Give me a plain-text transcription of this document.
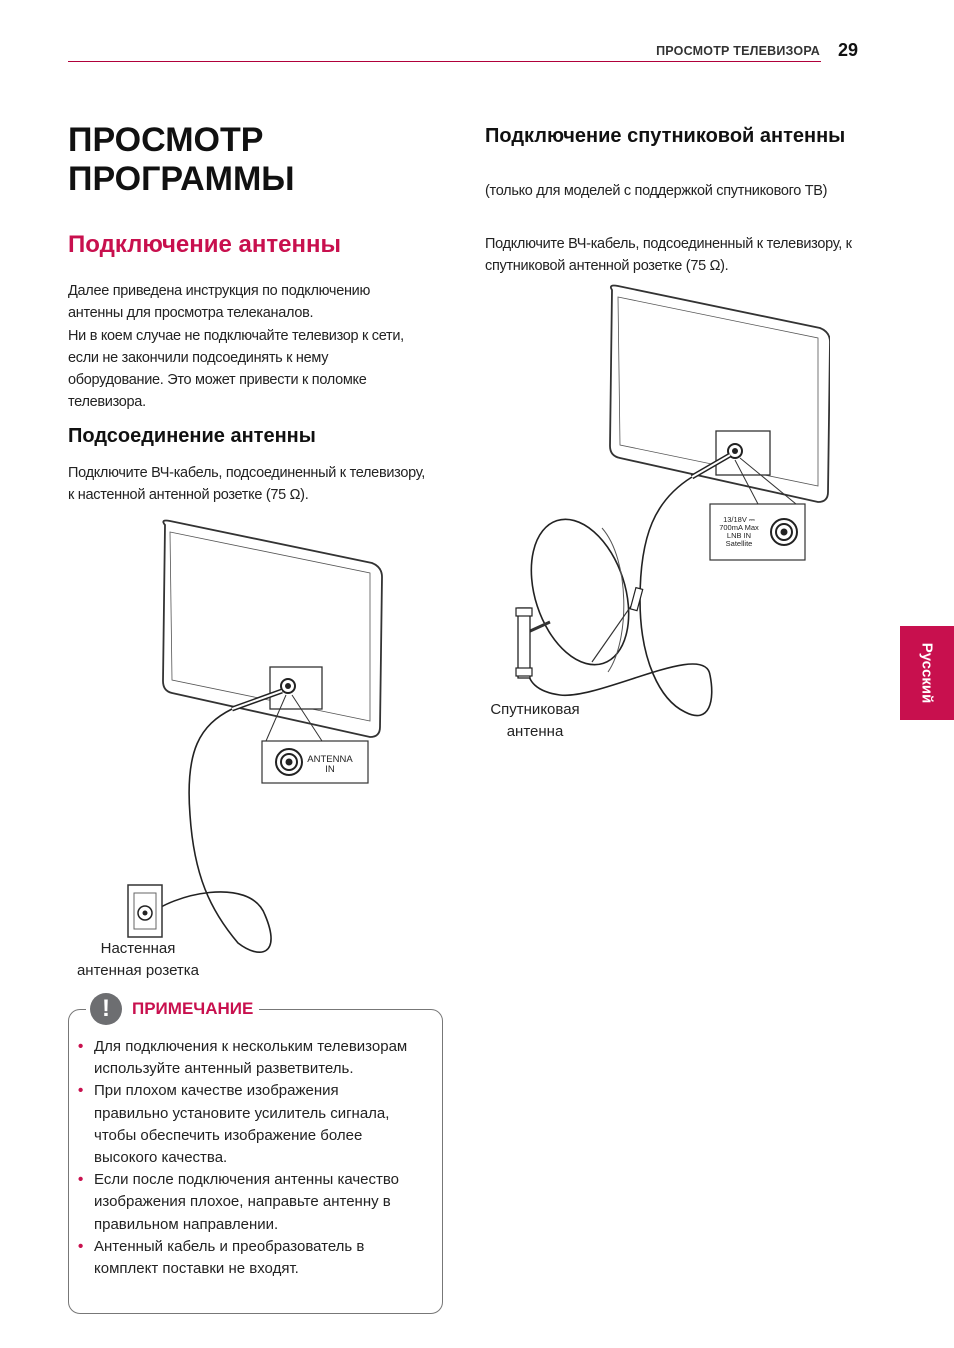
ПРОСМОТР ТЕЛЕВИЗОРА 29
ПРОСМОТР ПРОГРАММЫ
Подключение антенны
Далее приведена инструкция по подключению антенны для просмотра телеканалов.
Ни в коем случае не подключайте телевизор к сети, если не закончили подсоединять к нему оборудование. Это может привести к поломке телевизора.
Подсоединение антенны
Подключите ВЧ-кабель, подсоединенный к телевизору, к настенной антенной розетке (75 Ω).
ANTENNA
IN
Настенная
антенная розетка
!	ПРИМЕЧАНИЕ
• Для подключения к нескольким телевизорам используйте антенный разветвитель.
• При плохом качестве изображения правильно установите усилитель сигнала, чтобы обеспечить изображение более высокого качества.
• Если после подключения антенны качество изображения плохое, направьте антенну в правильном направлении.
• Антенный кабель и преобразователь в комплект поставки не входят.
Подключение спутниковой антенны
(только для моделей с поддержкой спутникового ТВ)
Подключите ВЧ-кабель, подсоединенный к телевизору, к спутниковой антенной розетке (75 Ω).
13/18V ⎓
700mA Max
LNB IN
Satellite
Спутниковая
антенна
Русский
